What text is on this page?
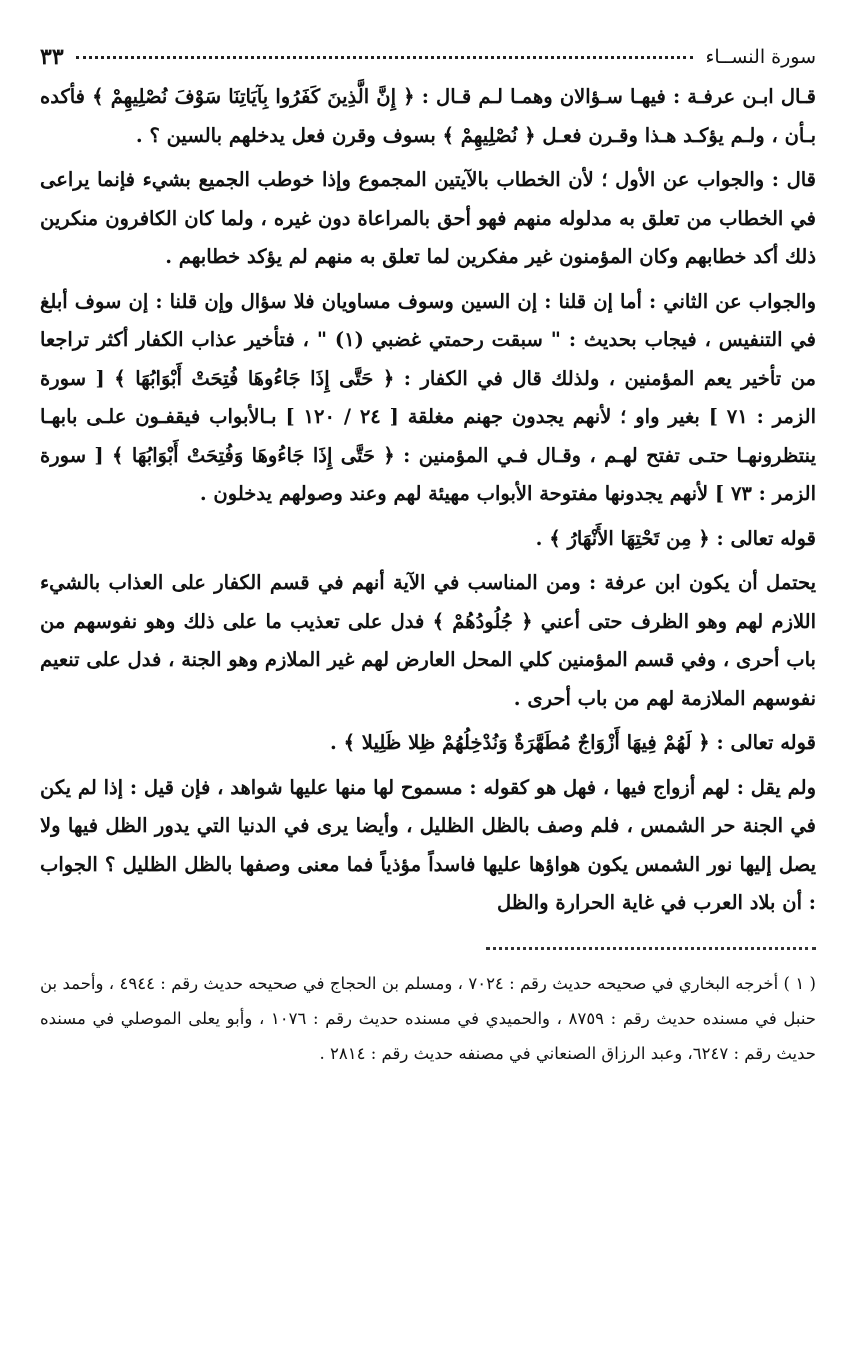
سورة النســاء
٣٣

قـال ابـن عرفـة : فيهـا سـؤالان وهمـا لـم قـال : ﴿ إِنَّ الَّذِينَ كَفَرُوا بِآيَاتِنَا سَوْفَ نُصْلِيهِمْ ﴾ فأكده بـأن ، ولـم يؤكـد هـذا وقـرن فعـل ﴿ نُصْلِيهِمْ ﴾ بسوف وقرن فعل يدخلهم بالسين ؟ .

قال : والجواب عن الأول ؛ لأن الخطاب بالآيتين المجموع وإذا خوطب الجميع بشيء فإنما يراعى في الخطاب من تعلق به مدلوله منهم فهو أحق بالمراعاة دون غيره ، ولما كان الكافرون منكرين ذلك أكد خطابهم وكان المؤمنون غير مفكرين لما تعلق به منهم لم يؤكد خطابهم .

والجواب عن الثاني : أما إن قلنا : إن السين وسوف مساويان فلا سؤال وإن قلنا : إن سوف أبلغ في التنفيس ، فيجاب بحديث : " سبقت رحمتي غضبي (١) " ، فتأخير عذاب الكفار أكثر تراجعا من تأخير يعم المؤمنين ، ولذلك قال في الكفار : ﴿ حَتَّى إِذَا جَاءُوهَا فُتِحَتْ أَبْوَابُهَا ﴾ [ سورة الزمر : ٧١ ] بغير واو ؛ لأنهم يجدون جهنم مغلقة [ ٢٤ / ١٢٠ ] بـالأبواب فيقفـون علـى بابهـا ينتظرونهـا حتـى تفتح لهـم ، وقـال فـي المؤمنين : ﴿ حَتَّى إِذَا جَاءُوهَا وَفُتِحَتْ أَبْوَابُهَا ﴾ [ سورة الزمر : ٧٣ ] لأنهم يجدونها مفتوحة الأبواب مهيئة لهم وعند وصولهم يدخلون .

قوله تعالى : ﴿ مِن تَحْتِهَا الأَنْهَارُ ﴾ .

يحتمل أن يكون ابن عرفة : ومن المناسب في الآية أنهم في قسم الكفار على العذاب بالشيء اللازم لهم وهو الظرف حتى أعني ﴿ جُلُودُهُمْ ﴾ فدل على تعذيب ما على ذلك وهو نفوسهم من باب أحرى ، وفي قسم المؤمنين كلي المحل العارض لهم غير الملازم وهو الجنة ، فدل على تنعيم نفوسهم الملازمة لهم من باب أحرى .

قوله تعالى : ﴿ لَهُمْ فِيهَا أَزْوَاجٌ مُطَهَّرَةٌ وَنُدْخِلُهُمْ ظِلا ظَلِيلا ﴾ .

ولم يقل : لهم أزواج فيها ، فهل هو كقوله : مسموح لها منها عليها شواهد ، فإن قيل : إذا لم يكن في الجنة حر الشمس ، فلم وصف بالظل الظليل ، وأيضا يرى في الدنيا التي يدور الظل فيها ولا يصل إليها نور الشمس يكون هواؤها عليها فاسداً مؤذياً فما معنى وصفها بالظل الظليل ؟ الجواب : أن بلاد العرب في غاية الحرارة والظل

( ١ ) أخرجه البخاري في صحيحه حديث رقم : ٧٠٢٤ ، ومسلم بن الحجاج في صحيحه حديث رقم : ٤٩٤٤ ، وأحمد بن حنبل في مسنده حديث رقم : ٨٧٥٩ ، والحميدي في مسنده حديث رقم : ١٠٧٦ ، وأبو يعلى الموصلي في مسنده حديث رقم : ٦٢٤٧، وعبد الرزاق الصنعاني في مصنفه حديث رقم : ٢٨١٤ .
